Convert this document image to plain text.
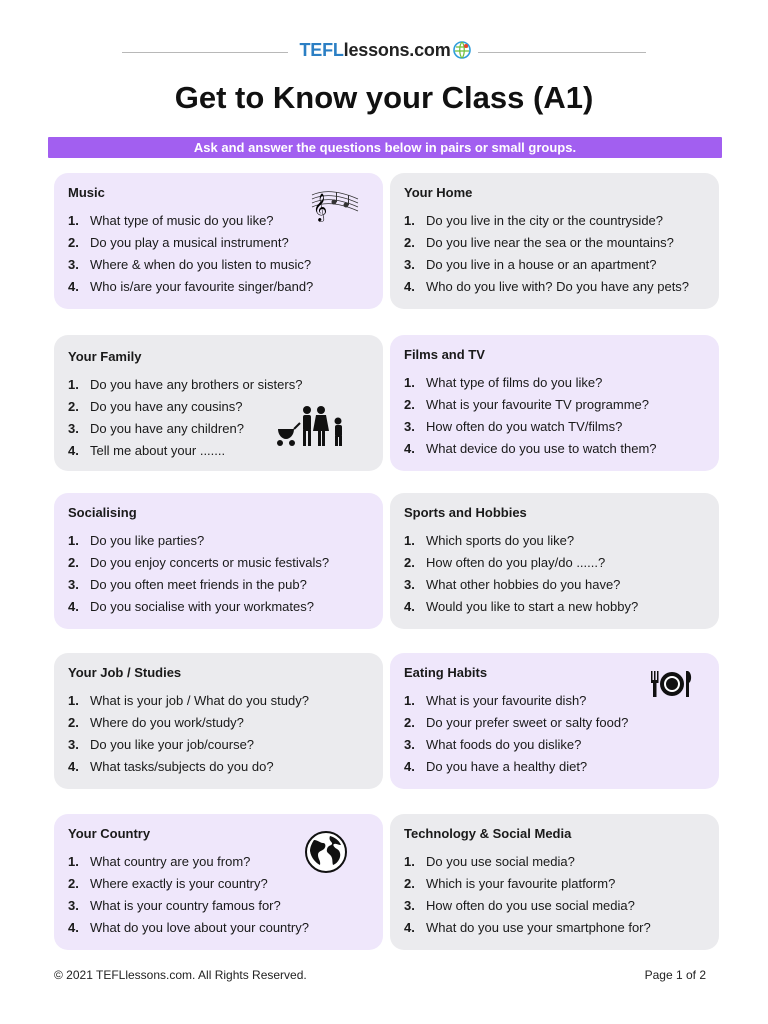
TEFLlessons.com
Get to Know your Class (A1)
Ask and answer the questions below in pairs or small groups.
Music
1. What type of music do you like?
2. Do you play a musical instrument?
3. Where & when do you listen to music?
4. Who is/are your favourite singer/band?
𝄞
Your Home
1. Do you live in the city or the countryside?
2. Do you live near the sea or the mountains?
3. Do you live in a house or an apartment?
4. Who do you live with? Do you have any pets?
Your Family
1. Do you have any brothers or sisters?
2. Do you have any cousins?
3. Do you have any children?
4. Tell me about your .......
Films and TV
1. What type of films do you like?
2. What is your favourite TV programme?
3. How often do you watch TV/films?
4. What device do you use to watch them?
Socialising
1. Do you like parties?
2. Do you enjoy concerts or music festivals?
3. Do you often meet friends in the pub?
4. Do you socialise with your workmates?
Sports and Hobbies
1. Which sports do you like?
2. How often do you play/do ......?
3. What other hobbies do you have?
4. Would you like to start a new hobby?
Your Job / Studies
1. What is your job / What do you study?
2. Where do you work/study?
3. Do you like your job/course?
4. What tasks/subjects do you do?
Eating Habits
1. What is your favourite dish?
2. Do your prefer sweet or salty food?
3. What foods do you dislike?
4. Do you have a healthy diet?
Your Country
1. What country are you from?
2. Where exactly is your country?
3. What is your country famous for?
4. What do you love about your country?
Technology & Social Media
1. Do you use social media?
2. Which is your favourite platform?
3. How often do you use social media?
4. What do you use your smartphone for?
© 2021 TEFLlessons.com. All Rights Reserved.	Page 1 of 2
